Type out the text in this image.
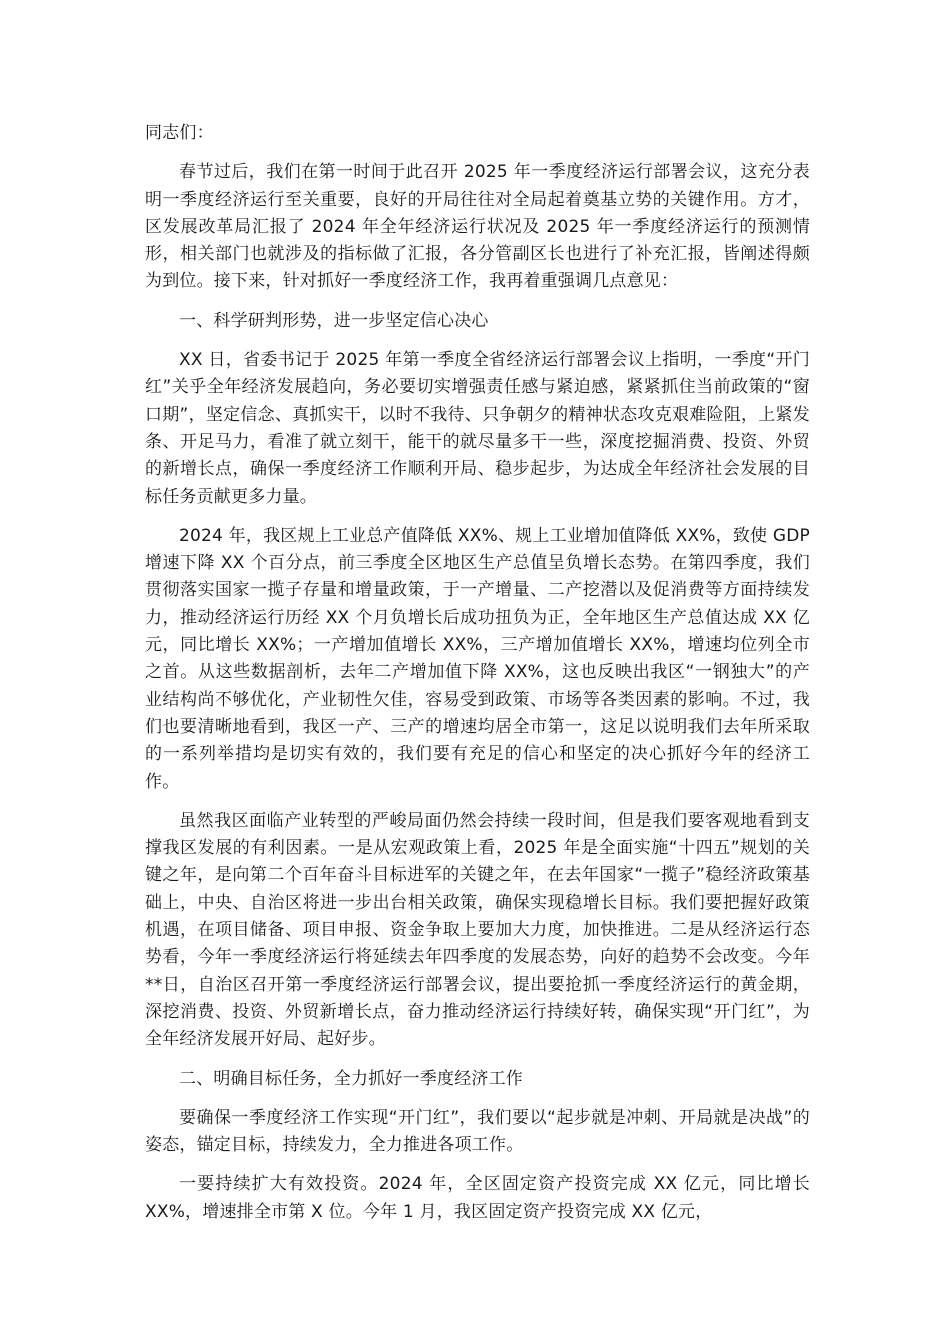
同志们：

春节过后，我们在第一时间于此召开 2025 年一季度经济运行部署会议，这充分表明一季度经济运行至关重要，良好的开局往往对全局起着奠基立势的关键作用。方才，区发展改革局汇报了 2024 年全年经济运行状况及 2025 年一季度经济运行的预测情形，相关部门也就涉及的指标做了汇报，各分管副区长也进行了补充汇报，皆阐述得颇为到位。接下来，针对抓好一季度经济工作，我再着重强调几点意见：

一、科学研判形势，进一步坚定信心决心

XX 日，省委书记于 2025 年第一季度全省经济运行部署会议上指明，一季度“开门红”关乎全年经济发展趋向，务必要切实增强责任感与紧迫感，紧紧抓住当前政策的“窗口期”，坚定信念、真抓实干，以时不我待、只争朝夕的精神状态攻克艰难险阻，上紧发条、开足马力，看准了就立刻干，能干的就尽量多干一些，深度挖掘消费、投资、外贸的新增长点，确保一季度经济工作顺利开局、稳步起步，为达成全年经济社会发展的目标任务贡献更多力量。

2024 年，我区规上工业总产值降低 XX%、规上工业增加值降低 XX%，致使 GDP 增速下降 XX 个百分点，前三季度全区地区生产总值呈负增长态势。在第四季度，我们贯彻落实国家一揽子存量和增量政策，于一产增量、二产挖潜以及促消费等方面持续发力，推动经济运行历经 XX 个月负增长后成功扭负为正，全年地区生产总值达成 XX 亿元，同比增长 XX%；一产增加值增长 XX%，三产增加值增长 XX%，增速均位列全市之首。从这些数据剖析，去年二产增加值下降 XX%，这也反映出我区“一钢独大”的产业结构尚不够优化，产业韧性欠佳，容易受到政策、市场等各类因素的影响。不过，我们也要清晰地看到，我区一产、三产的增速均居全市第一，这足以说明我们去年所采取的一系列举措均是切实有效的，我们要有充足的信心和坚定的决心抓好今年的经济工作。

虽然我区面临产业转型的严峻局面仍然会持续一段时间，但是我们要客观地看到支撑我区发展的有利因素。一是从宏观政策上看，2025 年是全面实施“十四五”规划的关键之年，是向第二个百年奋斗目标进军的关键之年，在去年国家“一揽子”稳经济政策基础上，中央、自治区将进一步出台相关政策，确保实现稳增长目标。我们要把握好政策机遇，在项目储备、项目申报、资金争取上要加大力度，加快推进。二是从经济运行态势看，今年一季度经济运行将延续去年四季度的发展态势，向好的趋势不会改变。今年**日，自治区召开第一季度经济运行部署会议，提出要抢抓一季度经济运行的黄金期，深挖消费、投资、外贸新增长点，奋力推动经济运行持续好转，确保实现“开门红”，为全年经济发展开好局、起好步。

二、明确目标任务，全力抓好一季度经济工作

要确保一季度经济工作实现“开门红”，我们要以“起步就是冲刺、开局就是决战”的姿态，锚定目标，持续发力，全力推进各项工作。

一要持续扩大有效投资。2024 年，全区固定资产投资完成 XX 亿元，同比增长 XX%，增速排全市第 X 位。今年 1 月，我区固定资产投资完成 XX 亿元，
